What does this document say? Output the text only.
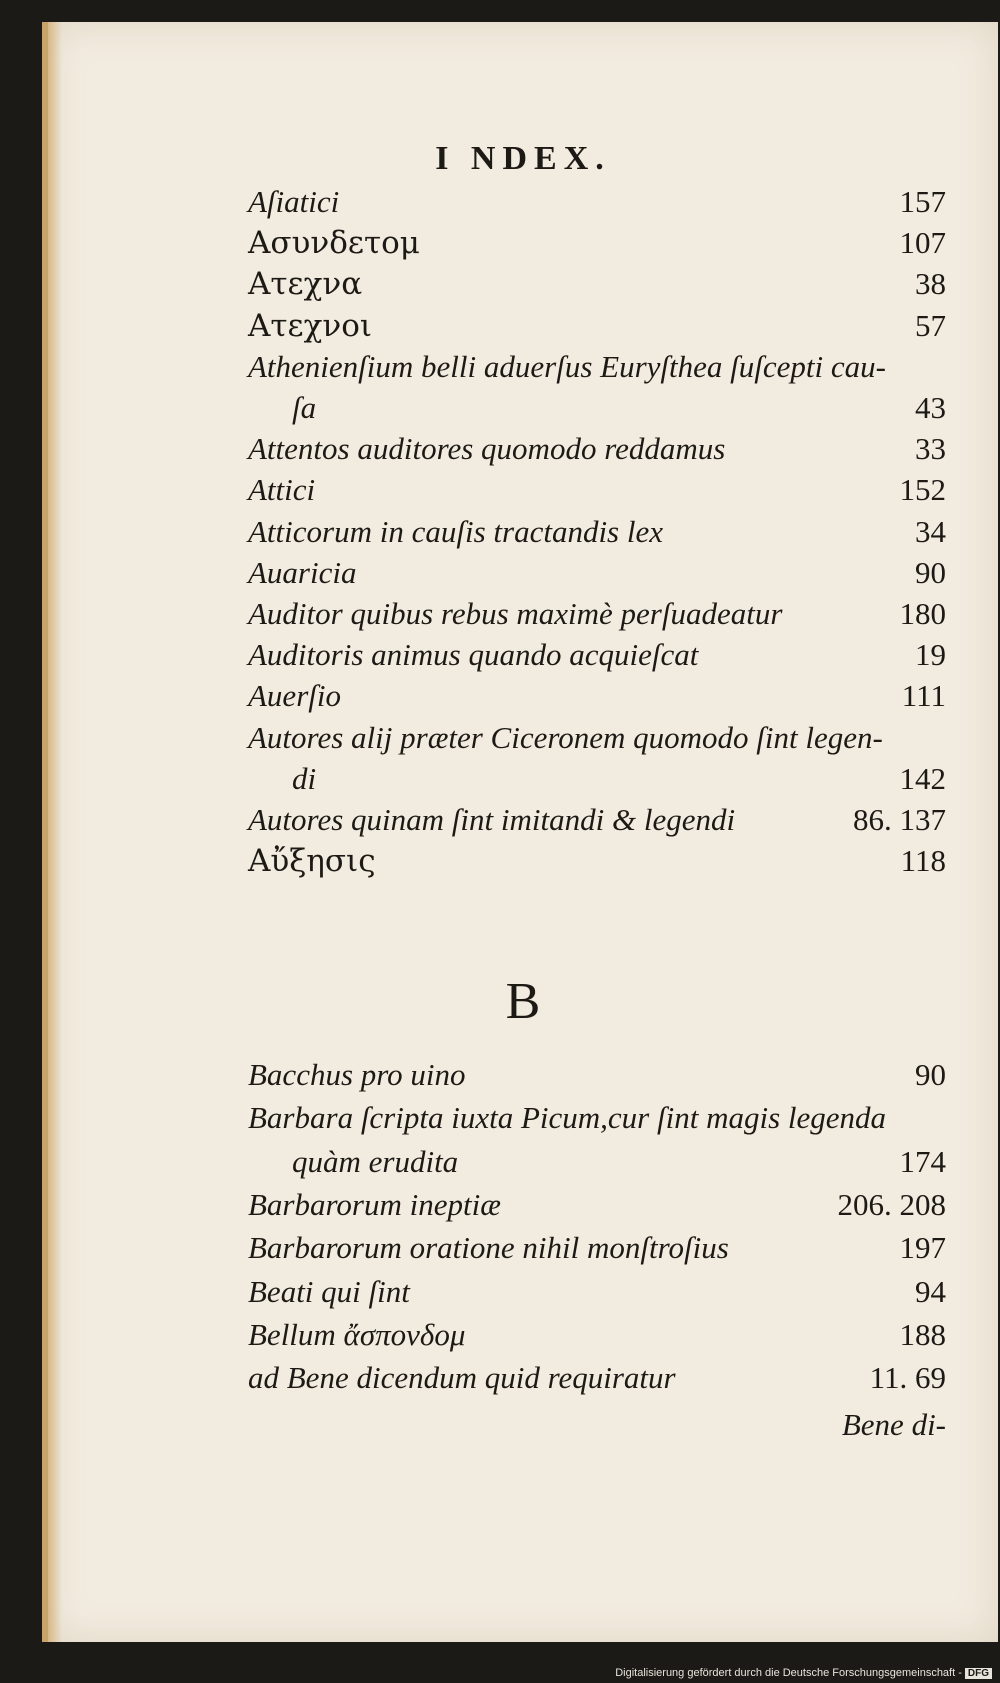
I NDEX.
Aſiatici	157
Ασυνδετομ	107
Ατεχνα	38
Ατεχνοι	57
Athenienſium belli aduerſus Euryſthea ſuſcepti cau-
ſa	43
Attentos auditores quomodo reddamus	33
Attici	152
Atticorum in cauſis tractandis lex	34
Auaricia	90
Auditor quibus rebus maximè perſuadeatur	180
Auditoris animus quando acquieſcat	19
Auerſio	111
Autores alij præter Ciceronem quomodo ſint legen-
di	142
Autores quinam ſint imitandi & legendi	86. 137
Αὔξησις	118
B
Bacchus pro uino	90
Barbara ſcripta iuxta Picum,cur ſint magis legenda
quàm erudita	174
Barbarorum ineptiæ	206. 208
Barbarorum oratione nihil monſtroſius	197
Beati qui ſint	94
Bellum ἄσπονδομ	188
ad Bene dicendum quid requiratur	11. 69
Bene di-
Digitalisierung gefördert durch die Deutsche Forschungsgemeinschaft - DFG
